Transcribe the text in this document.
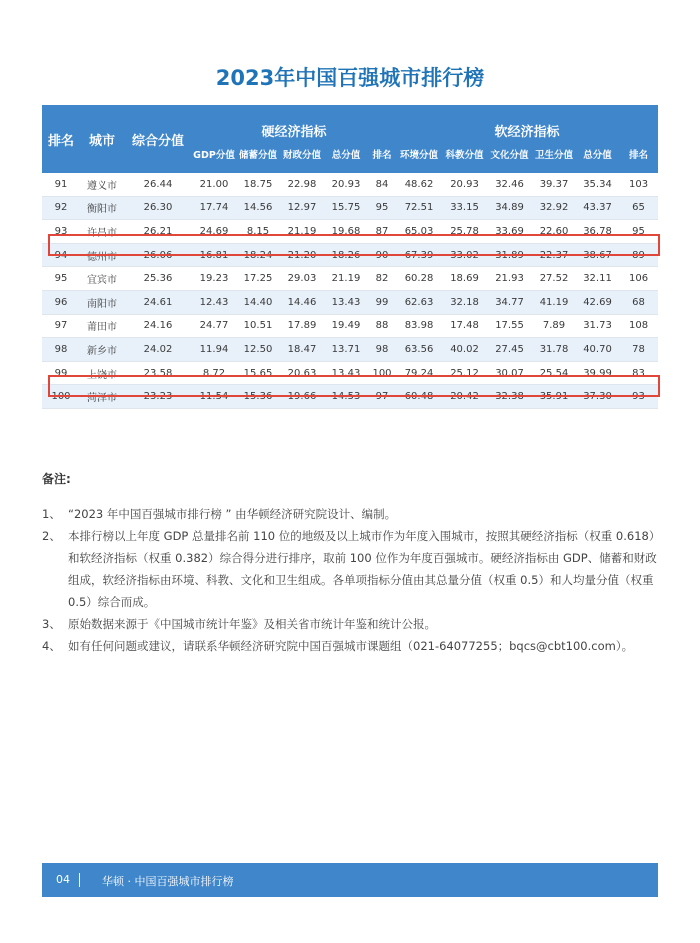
2023年中国百强城市排行榜
排名	城市	综合分值	硬经济指标					软经济指标					
			GDP分值	储蓄分值	财政分值	总分值	排名	环境分值	科教分值	文化分值	卫生分值	总分值	排名
91	遵义市	26.44	21.00	18.75	22.98	20.93	84	48.62	20.93	32.46	39.37	35.34	103
92	衡阳市	26.30	17.74	14.56	12.97	15.75	95	72.51	33.15	34.89	32.92	43.37	65
93	许昌市	26.21	24.69	8.15	21.19	19.68	87	65.03	25.78	33.69	22.60	36.78	95
94	德州市	26.06	16.81	18.24	21.20	18.26	90	67.39	33.02	31.89	22.37	38.67	89
95	宜宾市	25.36	19.23	17.25	29.03	21.19	82	60.28	18.69	21.93	27.52	32.11	106
96	南阳市	24.61	12.43	14.40	14.46	13.43	99	62.63	32.18	34.77	41.19	42.69	68
97	莆田市	24.16	24.77	10.51	17.89	19.49	88	83.98	17.48	17.55	7.89	31.73	108
98	新乡市	24.02	11.94	12.50	18.47	13.71	98	63.56	40.02	27.45	31.78	40.70	78
99	上饶市	23.58	8.72	15.65	20.63	13.43	100	79.24	25.12	30.07	25.54	39.99	83
100	菏泽市	23.23	11.54	15.36	19.66	14.53	97	60.48	20.42	32.38	35.91	37.30	93
备注:
1、 “2023 年中国百强城市排行榜 ” 由华顿经济研究院设计、编制。
2、 本排行榜以上年度 GDP 总量排名前 110 位的地级及以上城市作为年度入围城市，按照其硬经济指标（权重 0.618）和软经济指标（权重 0.382）综合得分进行排序，取前 100 位作为年度百强城市。硬经济指标由 GDP、储蓄和财政组成，软经济指标由环境、科教、文化和卫生组成。各单项指标分值由其总量分值（权重 0.5）和人均量分值（权重 0.5）综合而成。
3、 原始数据来源于《中国城市统计年鉴》及相关省市统计年鉴和统计公报。
4、 如有任何问题或建议，请联系华顿经济研究院中国百强城市课题组（021-64077255；bqcs@cbt100.com）。
04	华顿 · 中国百强城市排行榜
